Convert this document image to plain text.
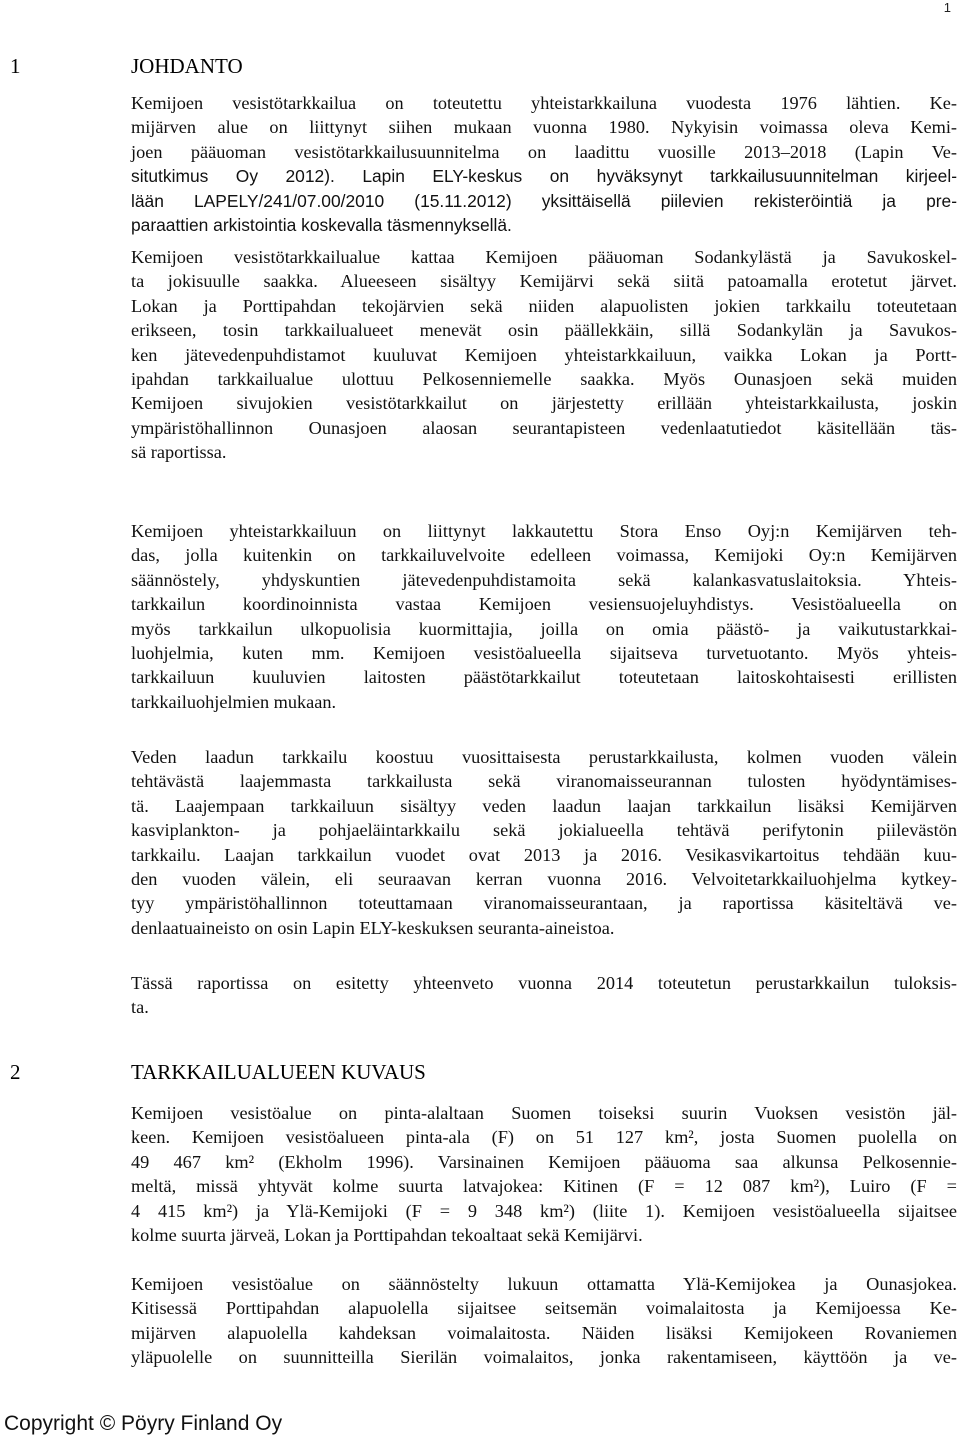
1
1	JOHDANTO
Kemijoen vesistötarkkailua on toteutettu yhteistarkkailuna vuodesta 1976 lähtien. Ke-
mijärven alue on liittynyt siihen mukaan vuonna 1980. Nykyisin voimassa oleva Kemi-
joen pääuoman vesistötarkkailusuunnitelma on laadittu vuosille 2013–2018 (Lapin Ve-
situtkimus Oy 2012). Lapin ELY-keskus on hyväksynyt tarkkailusuunnitelman kirjeel-
lään LAPELY/241/07.00/2010 (15.11.2012) yksittäisellä piilevien rekisteröintiä ja pre-
paraattien arkistointia koskevalla täsmennyksellä.
Kemijoen vesistötarkkailualue kattaa Kemijoen pääuoman Sodankylästä ja Savukoskel-
ta jokisuulle saakka. Alueeseen sisältyy Kemijärvi sekä siitä patoamalla erotetut järvet.
Lokan ja Porttipahdan tekojärvien sekä niiden alapuolisten jokien tarkkailu toteutetaan
erikseen, tosin tarkkailualueet menevät osin päällekkäin, sillä Sodankylän ja Savukos-
ken jätevedenpuhdistamot kuuluvat Kemijoen yhteistarkkailuun, vaikka Lokan ja Portt-
ipahdan tarkkailualue ulottuu Pelkosenniemelle saakka. Myös Ounasjoen sekä muiden
Kemijoen sivujokien vesistötarkkailut on järjestetty erillään yhteistarkkailusta, joskin
ympäristöhallinnon Ounasjoen alaosan seurantapisteen vedenlaatutiedot käsitellään täs-
sä raportissa.
Kemijoen yhteistarkkailuun on liittynyt lakkautettu Stora Enso Oyj:n Kemijärven teh-
das, jolla kuitenkin on tarkkailuvelvoite edelleen voimassa, Kemijoki Oy:n Kemijärven
säännöstely, yhdyskuntien jätevedenpuhdistamoita sekä kalankasvatuslaitoksia. Yhteis-
tarkkailun koordinoinnista vastaa Kemijoen vesiensuojeluyhdistys. Vesistöalueella on
myös tarkkailun ulkopuolisia kuormittajia, joilla on omia päästö- ja vaikutustarkkai-
luohjelmia, kuten mm. Kemijoen vesistöalueella sijaitseva turvetuotanto. Myös yhteis-
tarkkailuun kuuluvien laitosten päästötarkkailut toteutetaan laitoskohtaisesti erillisten
tarkkailuohjelmien mukaan.
Veden laadun tarkkailu koostuu vuosittaisesta perustarkkailusta, kolmen vuoden välein
tehtävästä laajemmasta tarkkailusta sekä viranomaisseurannan tulosten hyödyntämises-
tä. Laajempaan tarkkailuun sisältyy veden laadun laajan tarkkailun lisäksi Kemijärven
kasviplankton- ja pohjaeläintarkkailu sekä jokialueella tehtävä perifytonin piilevästön
tarkkailu. Laajan tarkkailun vuodet ovat 2013 ja 2016. Vesikasvikartoitus tehdään kuu-
den vuoden välein, eli seuraavan kerran vuonna 2016. Velvoitetarkkailuohjelma kytkey-
tyy ympäristöhallinnon toteuttamaan viranomaisseurantaan, ja raportissa käsiteltävä ve-
denlaatuaineisto on osin Lapin ELY-keskuksen seuranta-aineistoa.
Tässä raportissa on esitetty yhteenveto vuonna 2014 toteutetun perustarkkailun tuloksis-
ta.
2	TARKKAILUALUEEN KUVAUS
Kemijoen vesistöalue on pinta-alaltaan Suomen toiseksi suurin Vuoksen vesistön jäl-
keen. Kemijoen vesistöalueen pinta-ala (F) on 51 127 km², josta Suomen puolella on
49 467 km² (Ekholm 1996). Varsinainen Kemijoen pääuoma saa alkunsa Pelkosennie-
meltä, missä yhtyvät kolme suurta latvajokea: Kitinen (F = 12 087 km²), Luiro (F =
4 415 km²) ja Ylä-Kemijoki (F = 9 348 km²) (liite 1). Kemijoen vesistöalueella sijaitsee
kolme suurta järveä, Lokan ja Porttipahdan tekoaltaat sekä Kemijärvi.
Kemijoen vesistöalue on säännöstelty lukuun ottamatta Ylä-Kemijokea ja Ounasjokea.
Kitisessä Porttipahdan alapuolella sijaitsee seitsemän voimalaitosta ja Kemijoessa Ke-
mijärven alapuolella kahdeksan voimalaitosta. Näiden lisäksi Kemijokeen Rovaniemen
yläpuolelle on suunnitteilla Sierilän voimalaitos, jonka rakentamiseen, käyttöön ja ve-
Copyright © Pöyry Finland Oy
